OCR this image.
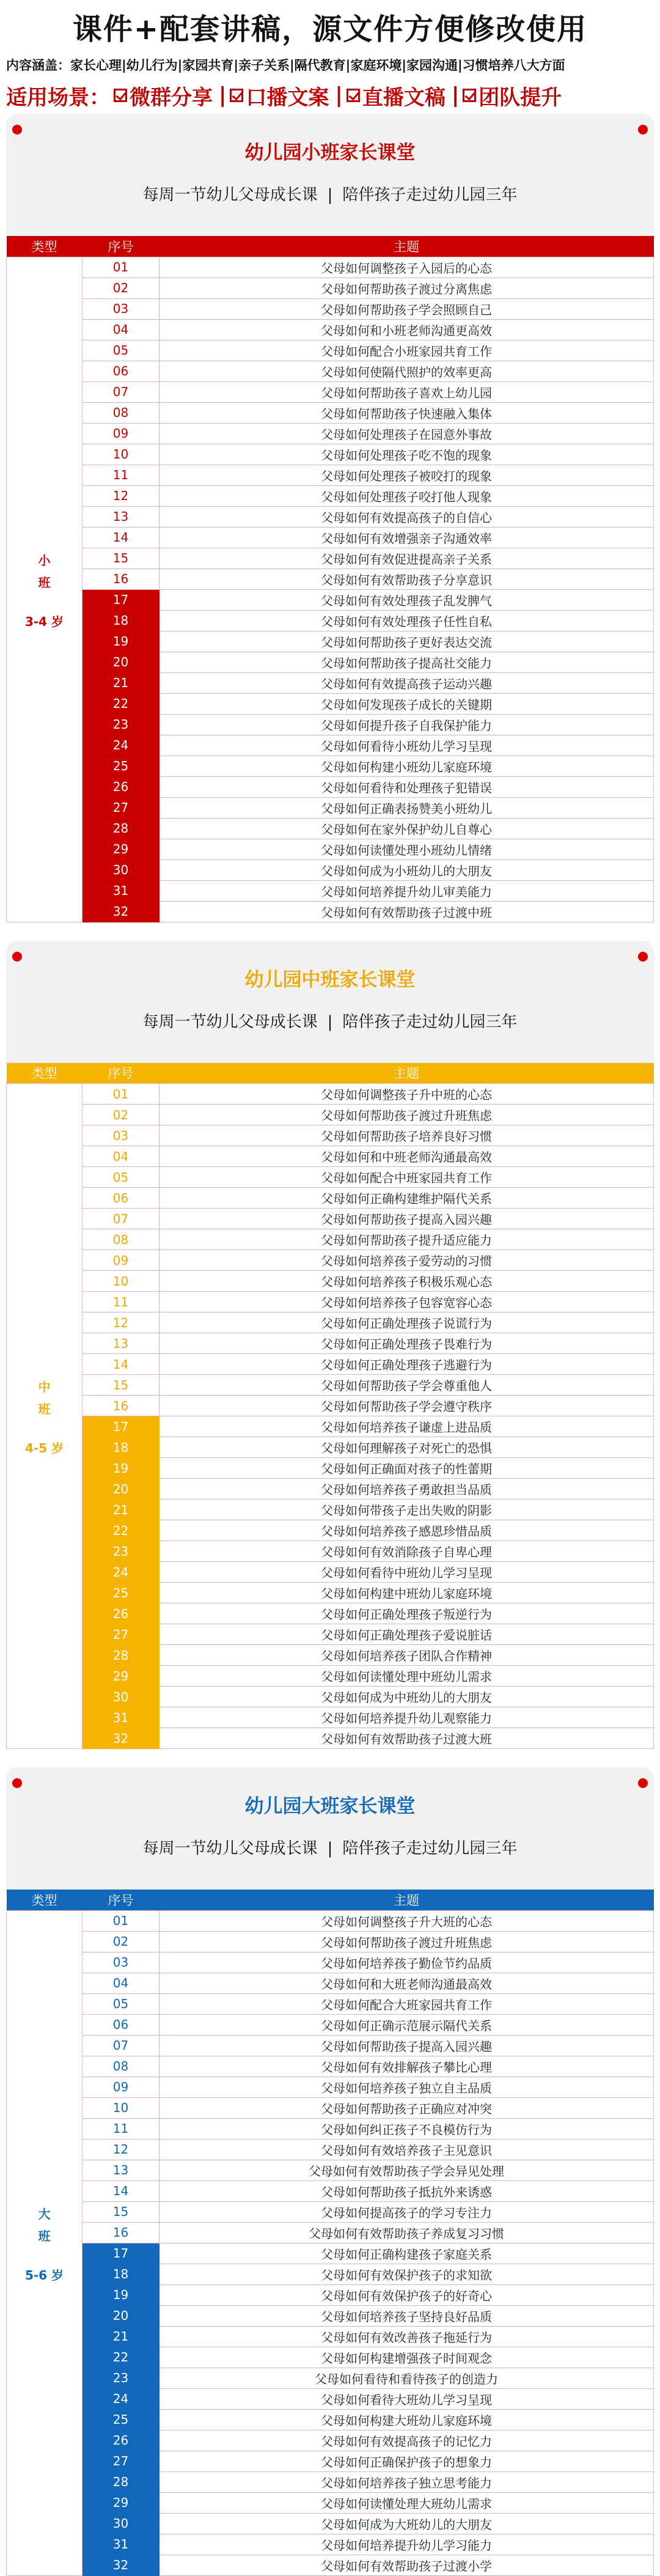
课件+配套讲稿，源文件方便修改使用
内容涵盖：家长心理|幼儿行为|家园共育|亲子关系|隔代教育|家庭环境|家园沟通|习惯培养八大方面
适用场景： 微群分享 | 口播文案 | 直播文稿 | 团队提升
幼儿园小班家长课堂
每周一节幼儿父母成长课 | 陪伴孩子走过幼儿园三年
类型	序号	主题

小
班
3-4 岁	01	父母如何调整孩子入园后的心态
	02	父母如何帮助孩子渡过分离焦虑
	03	父母如何帮助孩子学会照顾自己
	04	父母如何和小班老师沟通更高效
	05	父母如何配合小班家园共育工作
	06	父母如何使隔代照护的效率更高
	07	父母如何帮助孩子喜欢上幼儿园
	08	父母如何帮助孩子快速融入集体
	09	父母如何处理孩子在园意外事故
	10	父母如何处理孩子吃不饱的现象
	11	父母如何处理孩子被咬打的现象
	12	父母如何处理孩子咬打他人现象
	13	父母如何有效提高孩子的自信心
	14	父母如何有效增强亲子沟通效率
	15	父母如何有效促进提高亲子关系
	16	父母如何有效帮助孩子分享意识
	17	父母如何有效处理孩子乱发脾气
	18	父母如何有效处理孩子任性自私
	19	父母如何帮助孩子更好表达交流
	20	父母如何帮助孩子提高社交能力
	21	父母如何有效提高孩子运动兴趣
	22	父母如何发现孩子成长的关键期
	23	父母如何提升孩子自我保护能力
	24	父母如何看待小班幼儿学习呈现
	25	父母如何构建小班幼儿家庭环境
	26	父母如何看待和处理孩子犯错误
	27	父母如何正确表扬赞美小班幼儿
	28	父母如何在家外保护幼儿自尊心
	29	父母如何读懂处理小班幼儿情绪
	30	父母如何成为小班幼儿的大朋友
	31	父母如何培养提升幼儿审美能力
	32	父母如何有效帮助孩子过渡中班
幼儿园中班家长课堂
每周一节幼儿父母成长课 | 陪伴孩子走过幼儿园三年
类型	序号	主题

中
班
4-5 岁	01	父母如何调整孩子升中班的心态
	02	父母如何帮助孩子渡过升班焦虑
	03	父母如何帮助孩子培养良好习惯
	04	父母如何和中班老师沟通最高效
	05	父母如何配合中班家园共育工作
	06	父母如何正确构建维护隔代关系
	07	父母如何帮助孩子提高入园兴趣
	08	父母如何帮助孩子提升适应能力
	09	父母如何培养孩子爱劳动的习惯
	10	父母如何培养孩子积极乐观心态
	11	父母如何培养孩子包容宽容心态
	12	父母如何正确处理孩子说谎行为
	13	父母如何正确处理孩子畏难行为
	14	父母如何正确处理孩子逃避行为
	15	父母如何帮助孩子学会尊重他人
	16	父母如何帮助孩子学会遵守秩序
	17	父母如何培养孩子谦虚上进品质
	18	父母如何理解孩子对死亡的恐惧
	19	父母如何正确面对孩子的性蕾期
	20	父母如何培养孩子勇敢担当品质
	21	父母如何带孩子走出失败的阴影
	22	父母如何培养孩子感恩珍惜品质
	23	父母如何有效消除孩子自卑心理
	24	父母如何看待中班幼儿学习呈现
	25	父母如何构建中班幼儿家庭环境
	26	父母如何正确处理孩子叛逆行为
	27	父母如何正确处理孩子爱说脏话
	28	父母如何培养孩子团队合作精神
	29	父母如何读懂处理中班幼儿需求
	30	父母如何成为中班幼儿的大朋友
	31	父母如何培养提升幼儿观察能力
	32	父母如何有效帮助孩子过渡大班
幼儿园大班家长课堂
每周一节幼儿父母成长课 | 陪伴孩子走过幼儿园三年
类型	序号	主题

大
班
5-6 岁	01	父母如何调整孩子升大班的心态
	02	父母如何帮助孩子渡过升班焦虑
	03	父母如何培养孩子勤俭节约品质
	04	父母如何和大班老师沟通最高效
	05	父母如何配合大班家园共育工作
	06	父母如何正确示范展示隔代关系
	07	父母如何帮助孩子提高入园兴趣
	08	父母如何有效排解孩子攀比心理
	09	父母如何培养孩子独立自主品质
	10	父母如何帮助孩子正确应对冲突
	11	父母如何纠正孩子不良模仿行为
	12	父母如何有效培养孩子主见意识
	13	父母如何有效帮助孩子学会异见处理
	14	父母如何帮助孩子抵抗外来诱惑
	15	父母如何提高孩子的学习专注力
	16	父母如何有效帮助孩子养成复习习惯
	17	父母如何正确构建孩子家庭关系
	18	父母如何有效保护孩子的求知欲
	19	父母如何有效保护孩子的好奇心
	20	父母如何培养孩子坚持良好品质
	21	父母如何有效改善孩子拖延行为
	22	父母如何构建增强孩子时间观念
	23	父母如何看待和看待孩子的创造力
	24	父母如何看待大班幼儿学习呈现
	25	父母如何构建大班幼儿家庭环境
	26	父母如何有效提高孩子的记忆力
	27	父母如何正确保护孩子的想象力
	28	父母如何培养孩子独立思考能力
	29	父母如何读懂处理大班幼儿需求
	30	父母如何成为大班幼儿的大朋友
	31	父母如何培养提升幼儿学习能力
	32	父母如何有效帮助孩子过渡小学
